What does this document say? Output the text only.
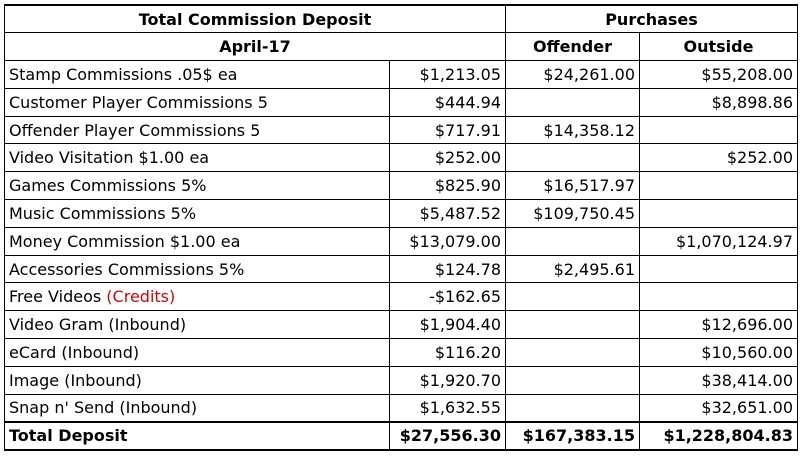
Total Commission Deposit		Purchases	
April-17		Offender	Outside
Stamp Commissions .05$ ea	$1,213.05	$24,261.00	$55,208.00
Customer Player Commissions 5	$444.94		$8,898.86
Offender Player Commissions 5	$717.91	$14,358.12	
Video Visitation $1.00 ea	$252.00		$252.00
Games Commissions 5%	$825.90	$16,517.97	
Music Commissions 5%	$5,487.52	$109,750.45	
Money Commission $1.00 ea	$13,079.00		$1,070,124.97
Accessories Commissions 5%	$124.78	$2,495.61	
Free Videos (Credits)	-$162.65		
Video Gram (Inbound)	$1,904.40		$12,696.00
eCard (Inbound)	$116.20		$10,560.00
Image (Inbound)	$1,920.70		$38,414.00
Snap n' Send (Inbound)	$1,632.55		$32,651.00
Total Deposit	$27,556.30	$167,383.15	$1,228,804.83
